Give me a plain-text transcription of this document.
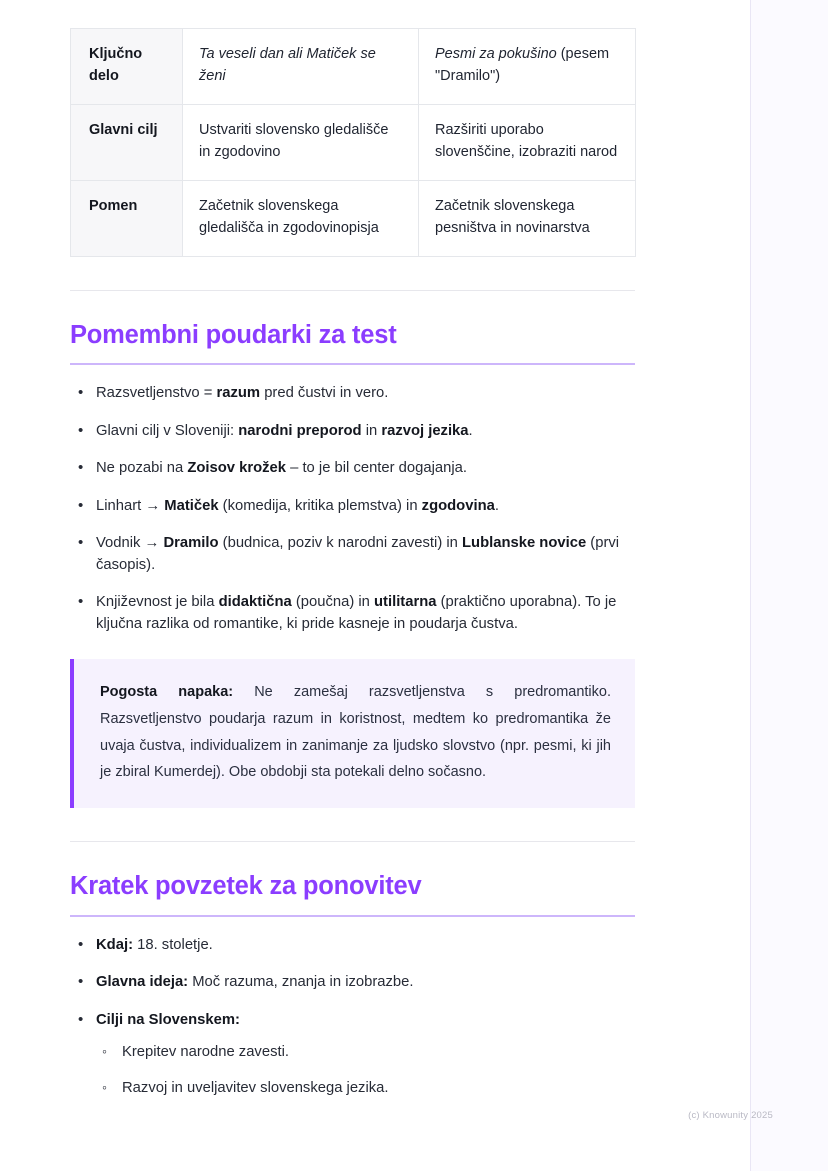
Ključno delo	Ta veseli dan ali Matiček se ženi	Pesmi za pokušino (pesem "Dramilo")
Glavni cilj	Ustvariti slovensko gledališče in zgodovino	Razširiti uporabo slovenščine, izobraziti narod
Pomen	Začetnik slovenskega gledališča in zgodovinopisja	Začetnik slovenskega pesništva in novinarstva
Pomembni poudarki za test
• Razsvetljenstvo = razum pred čustvi in vero.
• Glavni cilj v Sloveniji: narodni preporod in razvoj jezika.
• Ne pozabi na Zoisov krožek – to je bil center dogajanja.
• Linhart → Matiček (komedija, kritika plemstva) in zgodovina.
• Vodnik → Dramilo (budnica, poziv k narodni zavesti) in Lublanske novice (prvi časopis).
• Književnost je bila didaktična (poučna) in utilitarna (praktično uporabna). To je ključna razlika od romantike, ki pride kasneje in poudarja čustva.
Pogosta napaka: Ne zamešaj razsvetljenstva s predromantiko. Razsvetljenstvo poudarja razum in koristnost, medtem ko predromantika že uvaja čustva, individualizem in zanimanje za ljudsko slovstvo (npr. pesmi, ki jih je zbiral Kumerdej). Obe obdobji sta potekali delno sočasno.
Kratek povzetek za ponovitev
• Kdaj: 18. stoletje.
• Glavna ideja: Moč razuma, znanja in izobrazbe.
• Cilji na Slovenskem:
◦ Krepitev narodne zavesti.
◦ Razvoj in uveljavitev slovenskega jezika.
(c) Knowunity 2025
